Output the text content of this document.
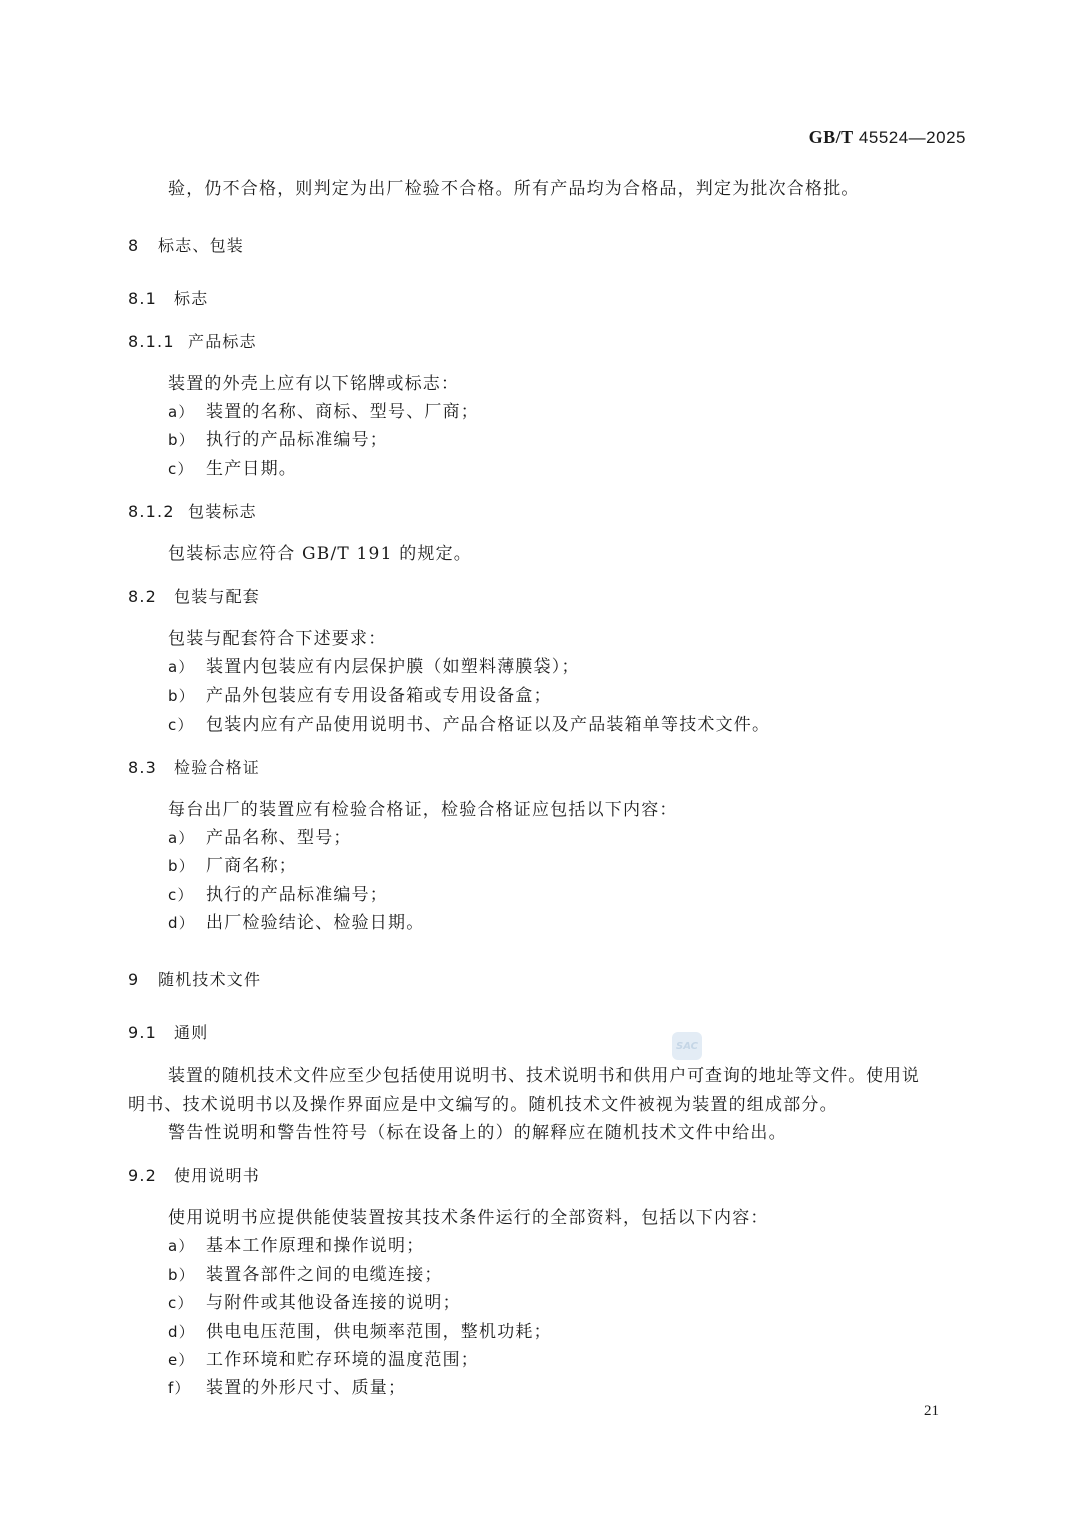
GB/T 45524—2025
验，仍不合格，则判定为出厂检验不合格。所有产品均为合格品，判定为批次合格批。
8 标志、包装
8.1 标志
8.1.1 产品标志
装置的外壳上应有以下铭牌或标志：
a） 装置的名称、商标、型号、厂商；
b） 执行的产品标准编号；
c） 生产日期。
8.1.2 包装标志
包装标志应符合 GB/T 191 的规定。
8.2 包装与配套
包装与配套符合下述要求：
a） 装置内包装应有内层保护膜（如塑料薄膜袋）；
b） 产品外包装应有专用设备箱或专用设备盒；
c） 包装内应有产品使用说明书、产品合格证以及产品装箱单等技术文件。
8.3 检验合格证
每台出厂的装置应有检验合格证，检验合格证应包括以下内容：
a） 产品名称、型号；
b） 厂商名称；
c） 执行的产品标准编号；
d） 出厂检验结论、检验日期。
9 随机技术文件
9.1 通则
SAC
装置的随机技术文件应至少包括使用说明书、技术说明书和供用户可查询的地址等文件。使用说
明书、技术说明书以及操作界面应是中文编写的。随机技术文件被视为装置的组成部分。
警告性说明和警告性符号（标在设备上的）的解释应在随机技术文件中给出。
9.2 使用说明书
使用说明书应提供能使装置按其技术条件运行的全部资料，包括以下内容：
a） 基本工作原理和操作说明；
b） 装置各部件之间的电缆连接；
c） 与附件或其他设备连接的说明；
d） 供电电压范围，供电频率范围，整机功耗；
e） 工作环境和贮存环境的温度范围；
f） 装置的外形尺寸、质量；
21
